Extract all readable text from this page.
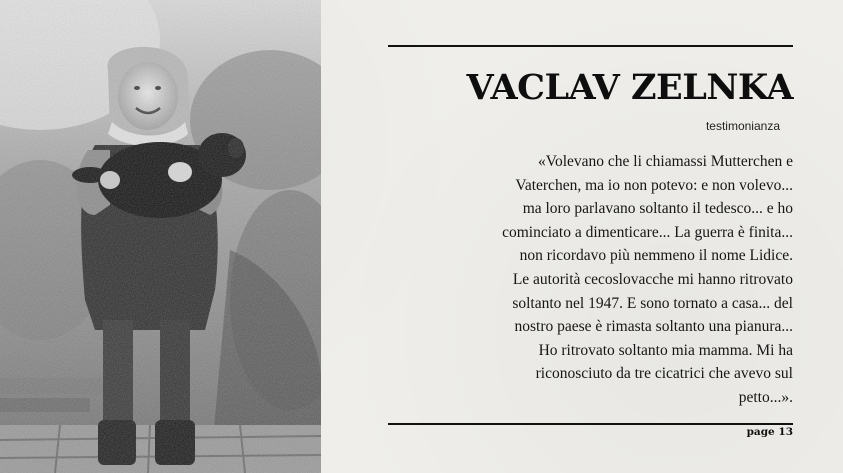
VACLAV ZELNKA
testimonianza

«Volevano che li chiamassi Mutterchen e
Vaterchen, ma io non potevo: e non volevo...
ma loro parlavano soltanto il tedesco... e ho
cominciato a dimenticare... La guerra è finita...
non ricordavo più nemmeno il nome Lidice.
Le autorità cecoslovacche mi hanno ritrovato
soltanto nel 1947. E sono tornato a casa... del
nostro paese è rimasta soltanto una pianura...
Ho ritrovato soltanto mia mamma. Mi ha
riconosciuto da tre cicatrici che avevo sul
petto...».

page 13
